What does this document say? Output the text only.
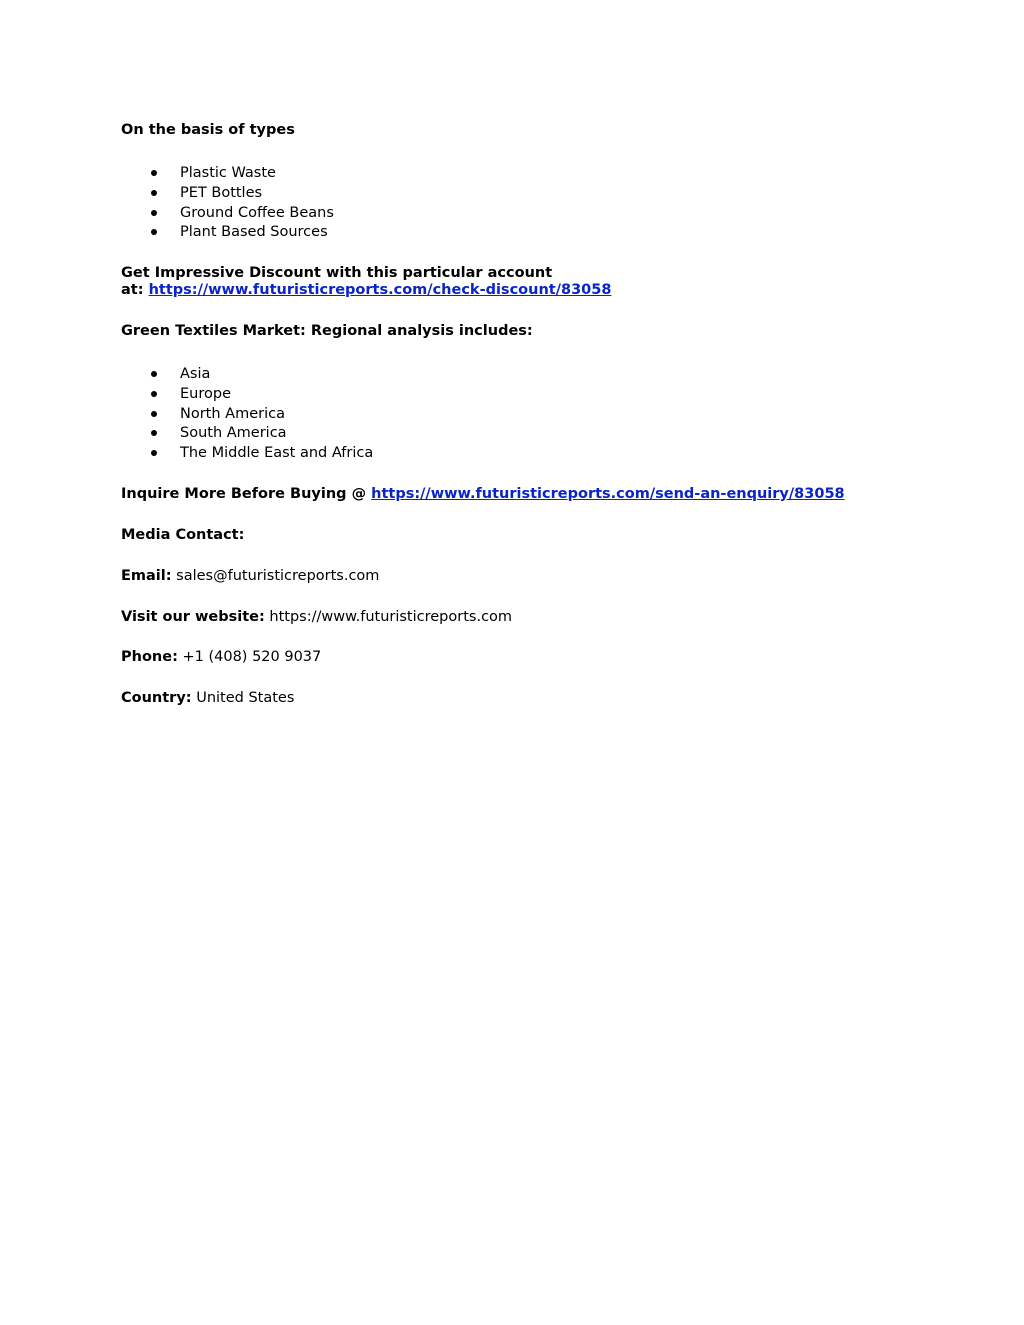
On the basis of types
Plastic Waste
PET Bottles
Ground Coffee Beans
Plant Based Sources
Get Impressive Discount with this particular account
at: https://www.futuristicreports.com/check-discount/83058
Green Textiles Market: Regional analysis includes:
Asia
Europe
North America
South America
The Middle East and Africa
Inquire More Before Buying @ https://www.futuristicreports.com/send-an-enquiry/83058
Media Contact:
Email: sales@futuristicreports.com
Visit our website: https://www.futuristicreports.com
Phone: +1 (408) 520 9037
Country: United States
